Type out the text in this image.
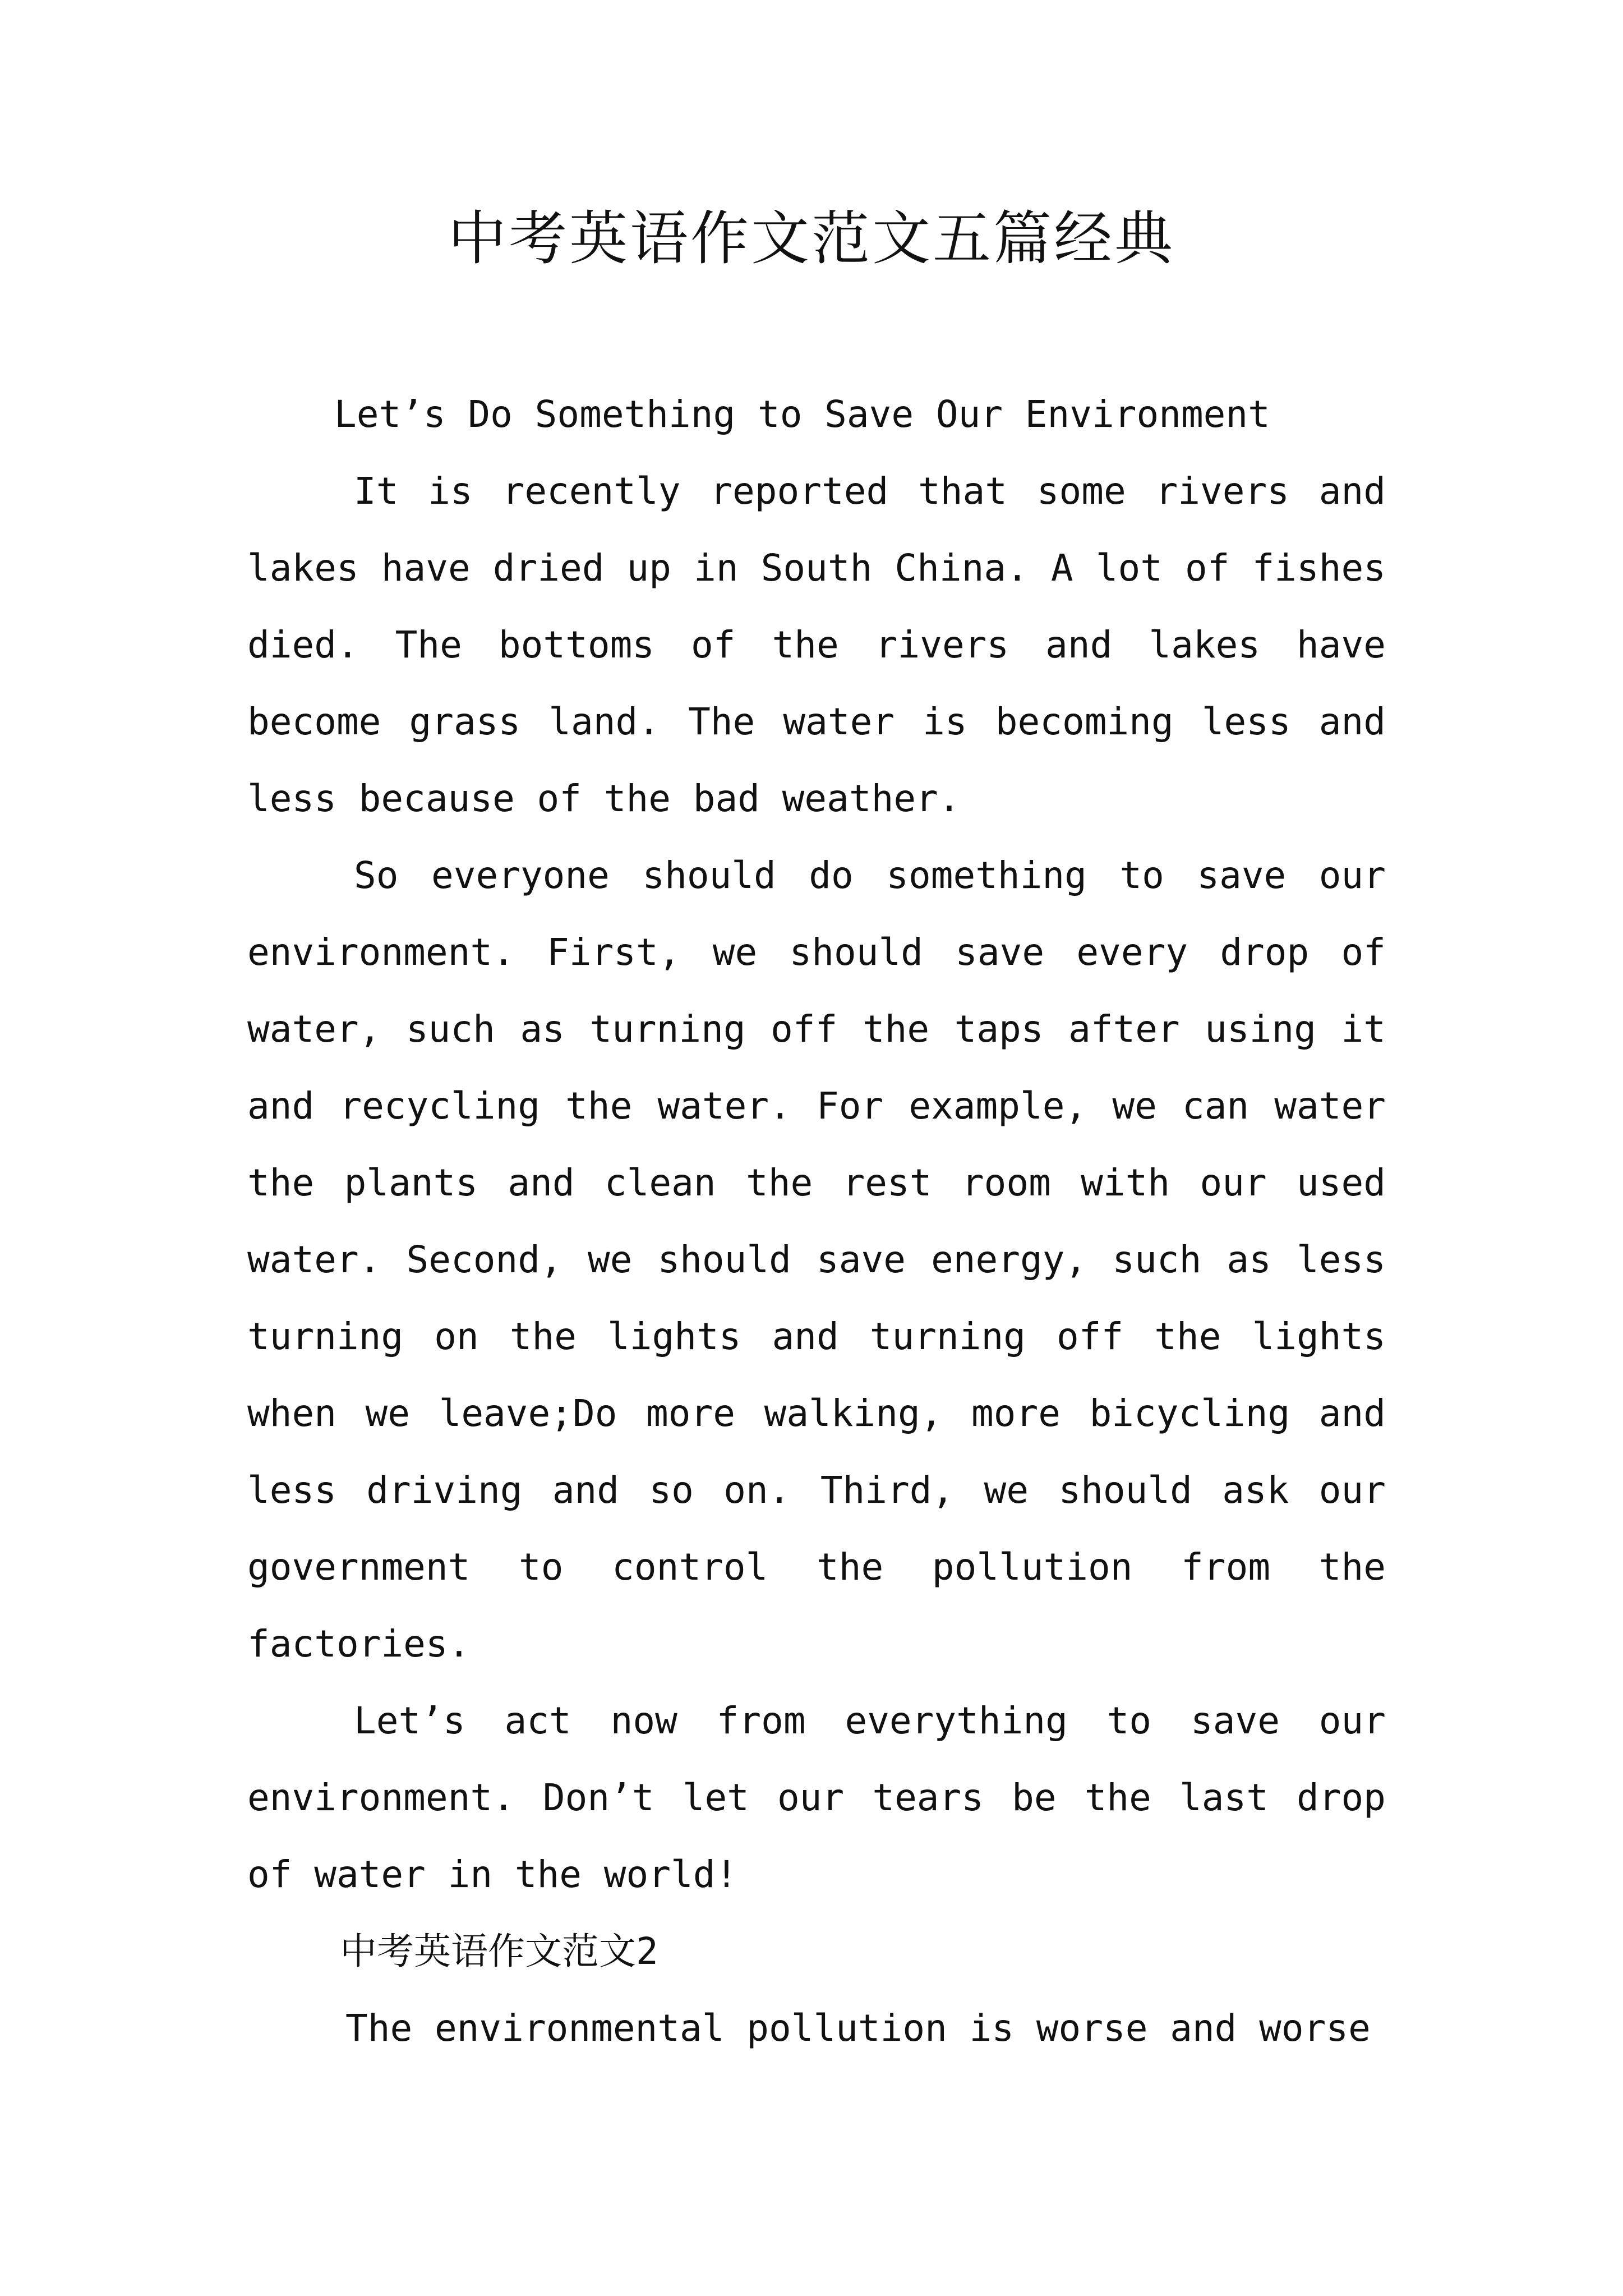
中考英语作文范文五篇经典

Let’s Do Something to Save Our Environment

It is recently reported that some rivers and lakes have dried up in South China. A lot of fishes died. The bottoms of the rivers and lakes have become grass land. The water is becoming less and less because of the bad weather.

So everyone should do something to save our environment. First, we should save every drop of water, such as turning off the taps after using it and recycling the water. For example, we can water the plants and clean the rest room with our used water. Second, we should save energy, such as less turning on the lights and turning off the lights when we leave;Do more walking, more bicycling and less driving and so on. Third, we should ask our government to control the pollution from the factories.

Let’s act now from everything to save our environment. Don’t let our tears be the last drop of water in the world!

中考英语作文范文2

The environmental pollution is worse and worse
